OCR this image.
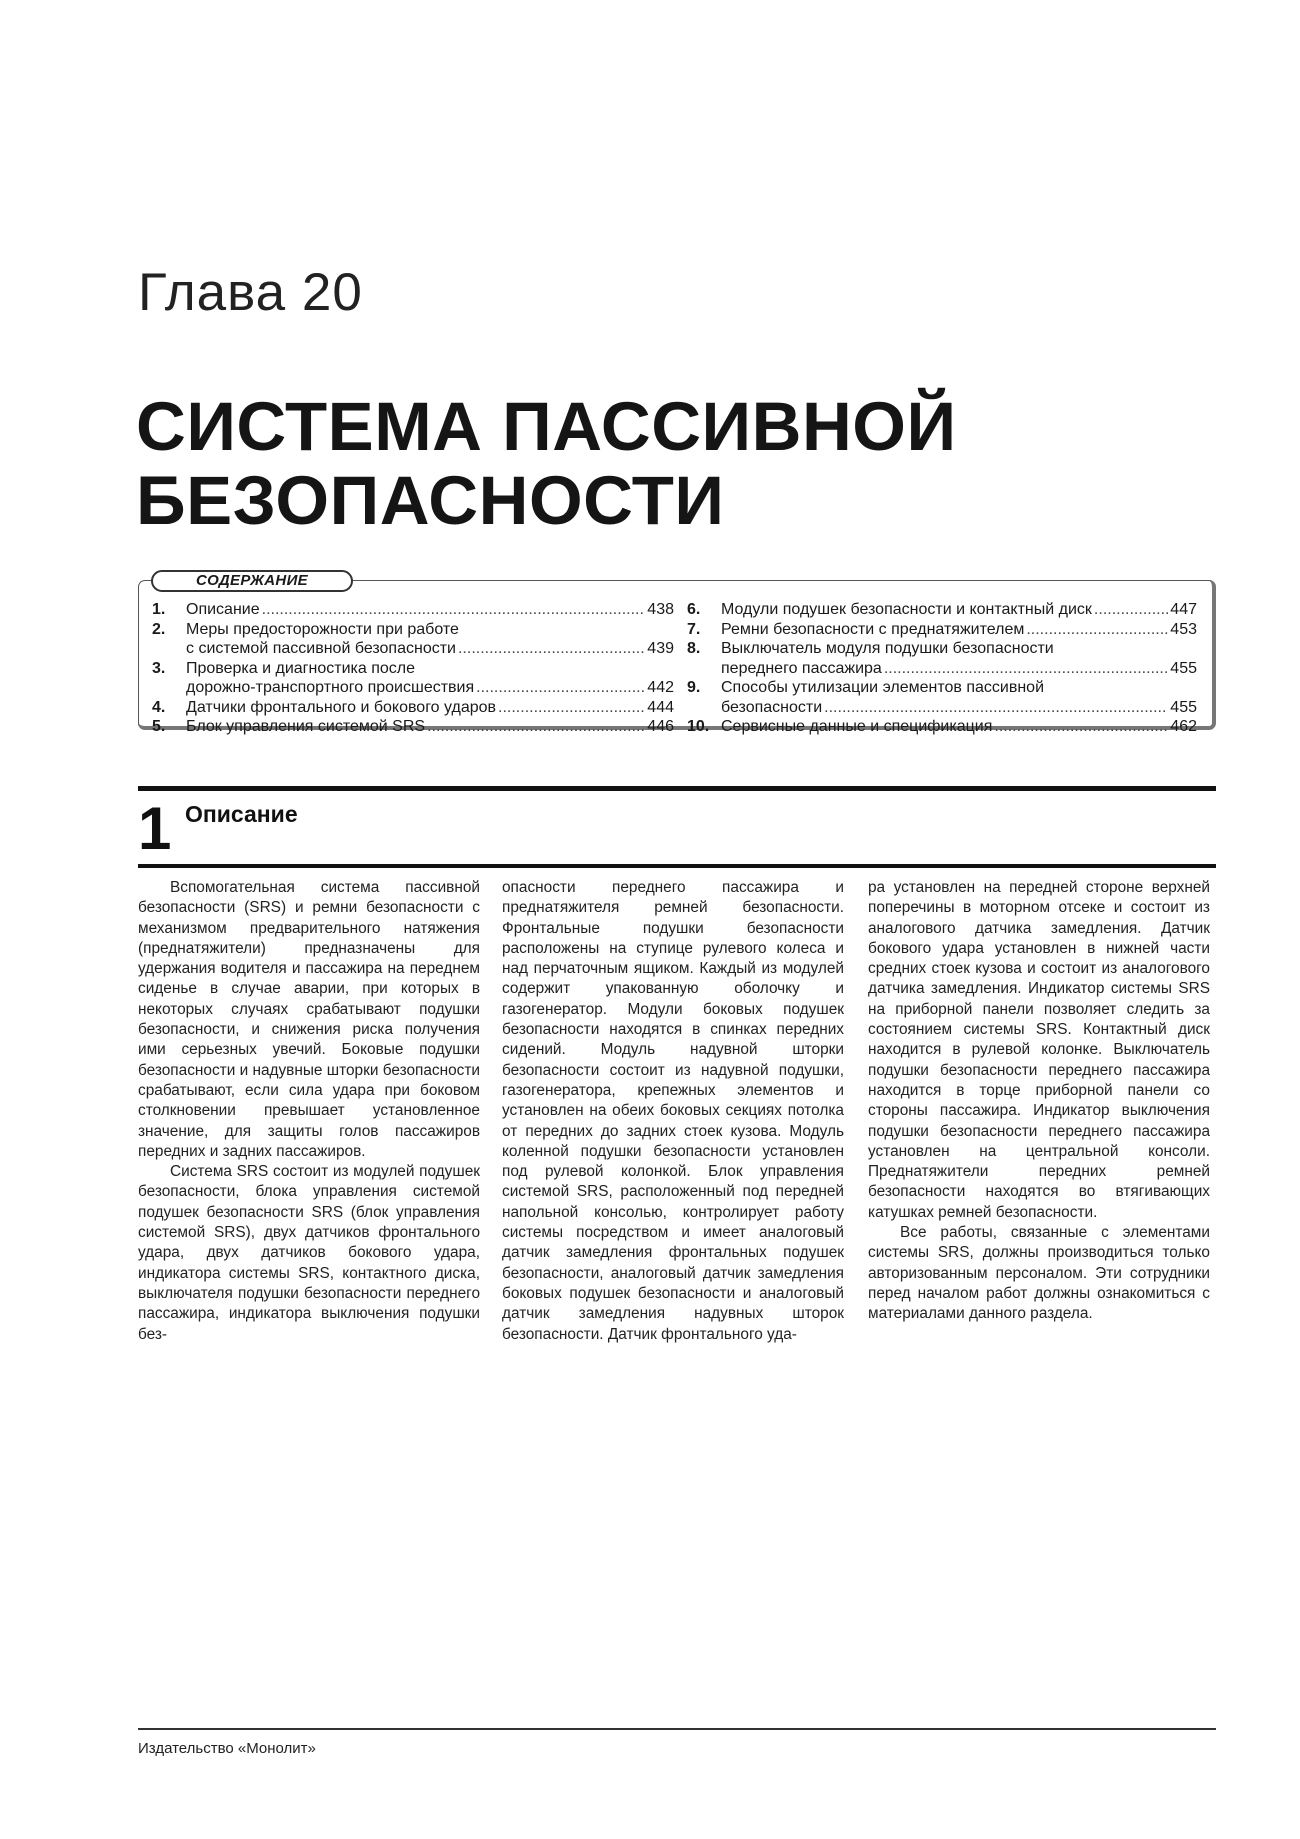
Глава 20
СИСТЕМА ПАССИВНОЙ
БЕЗОПАСНОСТИ
СОДЕРЖАНИЕ
1. Описание .....	438
2. Меры предосторожности при работе
с системой пассивной безопасности .....	439
3. Проверка и диагностика после
дорожно-транспортного происшествия .....	442
4. Датчики фронтального и бокового ударов .....	444
5. Блок управления системой SRS .....	446
6. Модули подушек безопасности и контактный диск .....	447
7. Ремни безопасности с преднатяжителем .....	453
8. Выключатель модуля подушки безопасности
переднего пассажира .....	455
9. Способы утилизации элементов пассивной
безопасности .....	455
10. Сервисные данные и спецификация .....	462
1 Описание

Вспомогательная система пассивной безопасности (SRS) и ремни безопасности с механизмом предварительного натяжения (преднатяжители) предназначены для удержания водителя и пассажира на переднем сиденье в случае аварии, при которых в некоторых случаях срабатывают подушки безопасности, и снижения риска получения ими серьезных увечий. Боковые подушки безопасности и надувные шторки безопасности срабатывают, если сила удара при боковом столкновении превышает установленное значение, для защиты голов пассажиров передних и задних пассажиров.

Система SRS состоит из модулей подушек безопасности, блока управления системой подушек безопасности SRS (блок управления системой SRS), двух датчиков фронтального удара, двух датчиков бокового удара, индикатора системы SRS, контактного диска, выключателя подушки безопасности переднего пассажира, индикатора выключения подушки без-

опасности переднего пассажира и преднатяжителя ремней безопасности. Фронтальные подушки безопасности расположены на ступице рулевого колеса и над перчаточным ящиком. Каждый из модулей содержит упакованную оболочку и газогенератор. Модули боковых подушек безопасности находятся в спинках передних сидений. Модуль надувной шторки безопасности состоит из надувной подушки, газогенератора, крепежных элементов и установлен на обеих боковых секциях потолка от передних до задних стоек кузова. Модуль коленной подушки безопасности установлен под рулевой колонкой. Блок управления системой SRS, расположенный под передней напольной консолью, контролирует работу системы посредством и имеет аналоговый датчик замедления фронтальных подушек безопасности, аналоговый датчик замедления боковых подушек безопасности и аналоговый датчик замедления надувных шторок безопасности. Датчик фронтального уда-

ра установлен на передней стороне верхней поперечины в моторном отсеке и состоит из аналогового датчика замедления. Датчик бокового удара установлен в нижней части средних стоек кузова и состоит из аналогового датчика замедления. Индикатор системы SRS на приборной панели позволяет следить за состоянием системы SRS. Контактный диск находится в рулевой колонке. Выключатель подушки безопасности переднего пассажира находится в торце приборной панели со стороны пассажира. Индикатор выключения подушки безопасности переднего пассажира установлен на центральной консоли. Преднатяжители передних ремней безопасности находятся во втягивающих катушках ремней безопасности.

Все работы, связанные с элементами системы SRS, должны производиться только авторизованным персоналом. Эти сотрудники перед началом работ должны ознакомиться с материалами данного раздела.

Издательство «Монолит»
